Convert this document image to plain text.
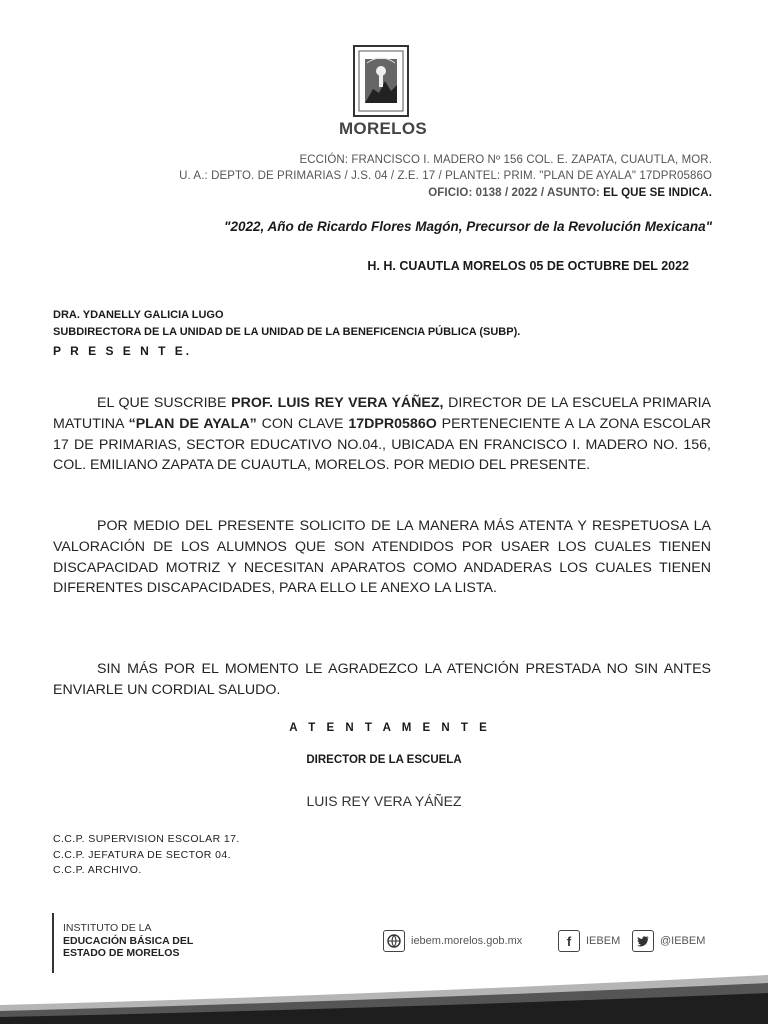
MORELOS
ECCIÓN: FRANCISCO I. MADERO Nº 156 COL. E. ZAPATA, CUAUTLA, MOR.
U. A.: DEPTO. DE PRIMARIAS / J.S. 04 / Z.E. 17 / PLANTEL: PRIM. "PLAN DE AYALA" 17DPR0586O
OFICIO: 0138 / 2022 / ASUNTO: EL QUE SE INDICA.
"2022, Año de Ricardo Flores Magón, Precursor de la Revolución Mexicana"
H. H. CUAUTLA MORELOS 05 DE OCTUBRE DEL 2022
DRA. YDANELLY GALICIA LUGO
SUBDIRECTORA DE LA UNIDAD DE LA UNIDAD DE LA BENEFICENCIA PÚBLICA (SUBP).
P R E S E N T E.
EL QUE SUSCRIBE PROF. LUIS REY VERA YÁÑEZ, DIRECTOR DE LA ESCUELA PRIMARIA MATUTINA “PLAN DE AYALA” CON CLAVE 17DPR0586O PERTENECIENTE A LA ZONA ESCOLAR 17 DE PRIMARIAS, SECTOR EDUCATIVO NO.04., UBICADA EN FRANCISCO I. MADERO NO. 156, COL. EMILIANO ZAPATA DE CUAUTLA, MORELOS. POR MEDIO DEL PRESENTE.
POR MEDIO DEL PRESENTE SOLICITO DE LA MANERA MÁS ATENTA Y RESPETUOSA LA VALORACIÓN DE LOS ALUMNOS QUE SON ATENDIDOS POR USAER LOS CUALES TIENEN DISCAPACIDAD MOTRIZ Y NECESITAN APARATOS COMO ANDADERAS LOS CUALES TIENEN DIFERENTES DISCAPACIDADES, PARA ELLO LE ANEXO LA LISTA.
SIN MÁS POR EL MOMENTO LE AGRADEZCO LA ATENCIÓN PRESTADA NO SIN ANTES ENVIARLE UN CORDIAL SALUDO.
A T E N T A M E N T E
DIRECTOR DE LA ESCUELA
LUIS REY VERA YÁÑEZ
C.C.P. SUPERVISION ESCOLAR 17.
C.C.P. JEFATURA DE SECTOR 04.
C.C.P. ARCHIVO.
INSTITUTO DE LA
EDUCACIÓN BÁSICA DEL
ESTADO DE MORELOS
iebem.morelos.gob.mx	f	IEBEM	@IEBEM
